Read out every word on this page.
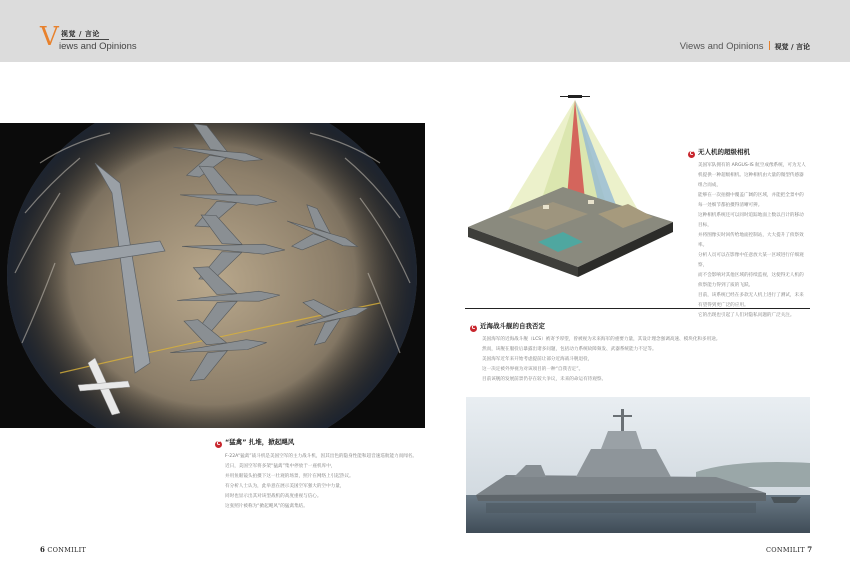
V 视觉 / 言论
iews and Opinions	Views and Opinions 视觉 / 言论
C “猛禽” 扎堆，掀起飓风

F-22A“猛禽”战斗机是美国空军的主力战斗机，因其出色的隐身性能和超音速巡航能力而闻名。

近日，美国空军将多架“猛禽”集中停放于一座机库中，

并用鱼眼镜头拍摄下这一壮观的场景，照片在网络上引起热议。

有分析人士认为，此举意在展示美国空军强大的空中力量，

同时也显示出其对该型战机的高度重视与信心。

这张照片被称为“掀起飓风”的猛禽集结。

C 无人机的超级相机

美国军队拥有的 ARGUS-IS 航空成像系统，可为无人机提供一种超级相机。这种相机由大量的微型传感器组合而成，

能够在一次拍摄中覆盖广阔的区域，并能把全景中的每一处细节都拍摄得清晰可辨。

这种相机系统还可以同时追踪地面上数以百计的移动目标，

并将图像实时回传给地面控制站，大大提升了侦察效率。

分析人员可以在影像中任意放大某一区域进行仔细观察，

而不会影响对其他区域的持续监视，这使得无人机的侦察能力得到了质的飞跃。

目前，该系统已经在多款无人机上进行了测试，未来有望得到更广泛的应用。

它的出现也引起了人们对隐私问题的广泛关注。

C 近海战斗舰的自我否定

美国海军的近海战斗舰（LCS）被寄予厚望，曾被视为未来海军的重要力量，其设计理念强调高速、模块化和多用途。

然而，该舰在服役后暴露出诸多问题，包括动力系统故障频发、武器系统能力不足等。

美国海军近年来开始考虑提前让部分近海战斗舰退役，

这一决定被外界视为对该项目的一种“自我否定”。

目前该舰的发展前景仍存在较大争议，未来的命运有待观察。

6 CONMILIT	CONMILIT 7
